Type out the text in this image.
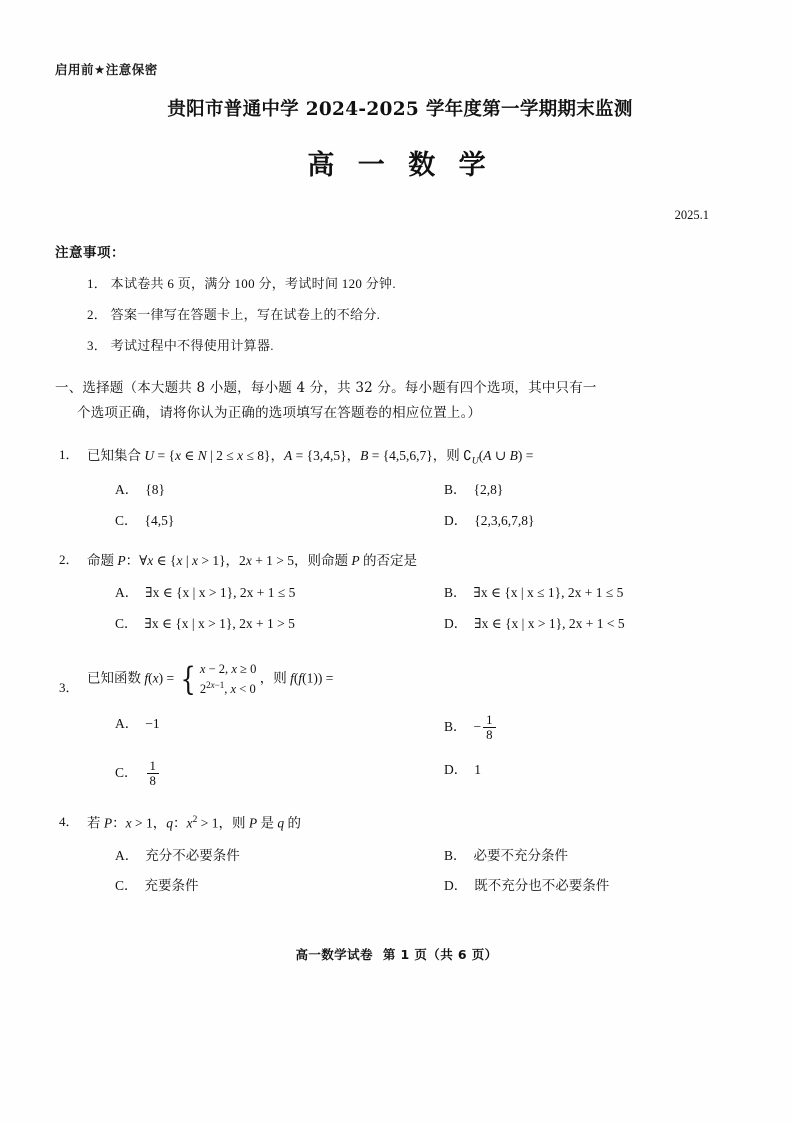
启用前★注意保密
贵阳市普通中学 2024-2025 学年度第一学期期末监测
高 一 数 学
2025.1
注意事项：
1． 本试卷共 6 页，满分 100 分，考试时间 120 分钟.
2． 答案一律写在答题卡上，写在试卷上的不给分.
3． 考试过程中不得使用计算器.
一、选择题（本大题共 8 小题，每小题 4 分，共 32 分。每小题有四个选项，其中只有一
个选项正确，请将你认为正确的选项填写在答题卷的相应位置上。）
1． 已知集合 U = {x ∈ N | 2 ≤ x ≤ 8}，A = {3,4,5}，B = {4,5,6,7}，则 $∁_U(A$ ∪ B) =
A． {8}	B． {2,8}
C． {4,5}	D． {2,3,6,7,8}
2． 命题 P：∀x ∈ {x | x > 1}，2x + 1 > 5，则命题 P 的否定是
A． ∃x ∈ {x | x > 1}, 2x + 1 ≤ 5	B． ∃x ∈ {x | x ≤ 1}, 2x + 1 ≤ 5
C． ∃x ∈ {x | x > 1}, 2x + 1 > 5	D． ∃x ∈ {x | x > 1}, 2x + 1 < 5
3．
已知函数 f(x) = { x − 2, x ≥ 0
$2^{2x-1}$, x < 0
，则 f(f(1)) =
A． −1	B． − $\frac{1}{8}$
C． $\frac{1}{8}$	D． 1
4． 若 P：x > 1，q：$x^2 > 1$，则 P 是 q 的
A． 充分不必要条件	B． 必要不充分条件
C． 充要条件	D． 既不充分也不必要条件
高一数学试卷 第 1 页（共 6 页）
